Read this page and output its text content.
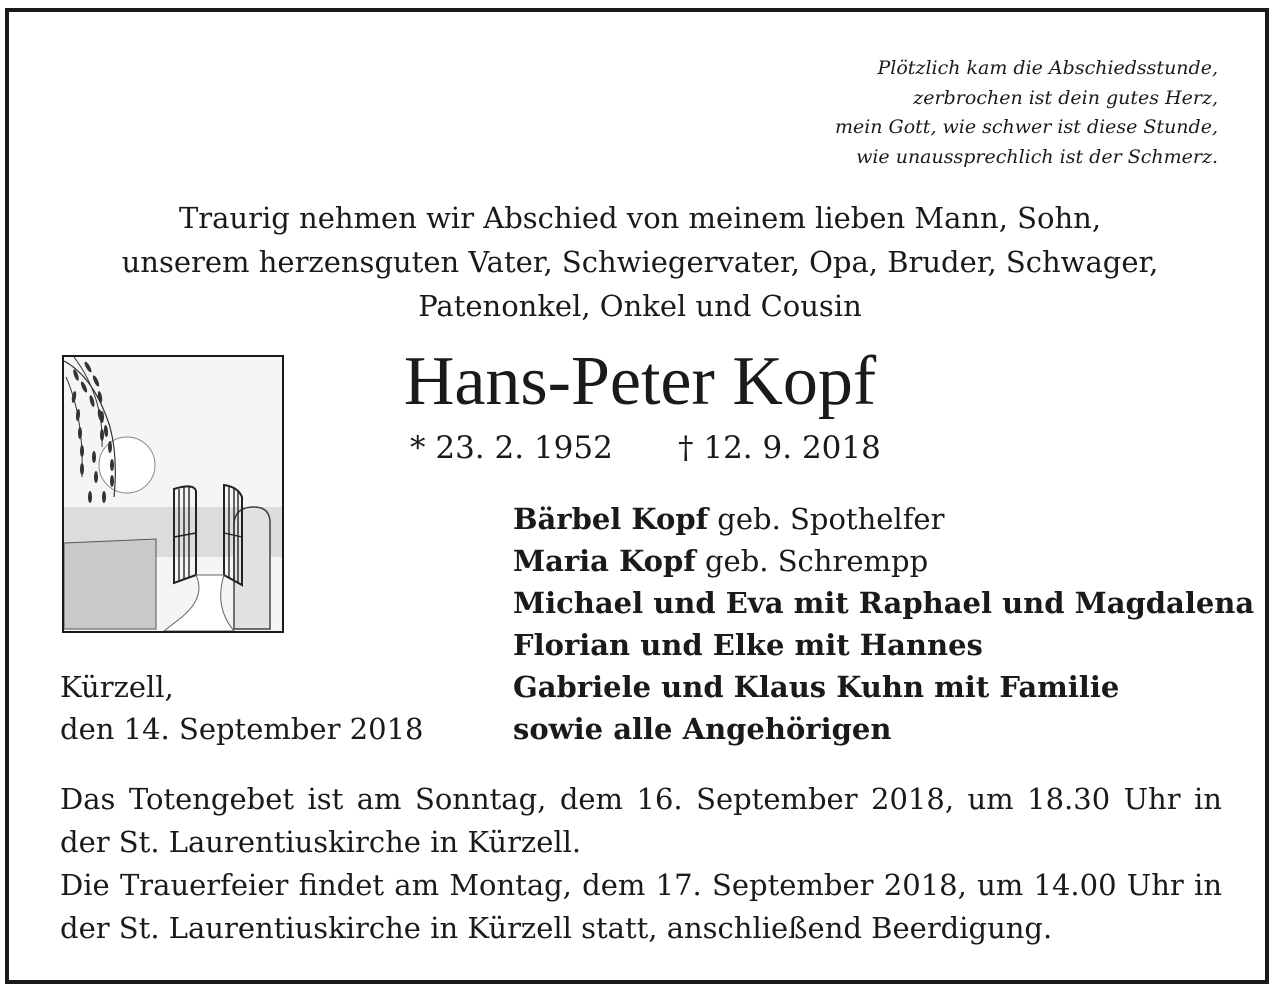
Plötzlich kam die Abschiedsstunde,
zerbrochen ist dein gutes Herz,
mein Gott, wie schwer ist diese Stunde,
wie unaussprechlich ist der Schmerz.
Traurig nehmen wir Abschied von meinem lieben Mann, Sohn,
unserem herzensguten Vater, Schwiegervater, Opa, Bruder, Schwager,
Patenonkel, Onkel und Cousin
Hans-Peter Kopf
* 23. 2. 1952 † 12. 9. 2018
Bärbel Kopf geb. Spothelfer
Maria Kopf geb. Schrempp
Michael und Eva mit Raphael und Magdalena
Florian und Elke mit Hannes
Gabriele und Klaus Kuhn mit Familie
sowie alle Angehörigen
Kürzell,
den 14. September 2018

Das Totengebet ist am Sonntag, dem 16. September 2018, um 18.30 Uhr in der St. Laurentiuskirche in Kürzell.

Die Trauerfeier findet am Montag, dem 17. September 2018, um 14.00 Uhr in der St. Laurentiuskirche in Kürzell statt, anschließend Beerdigung.
